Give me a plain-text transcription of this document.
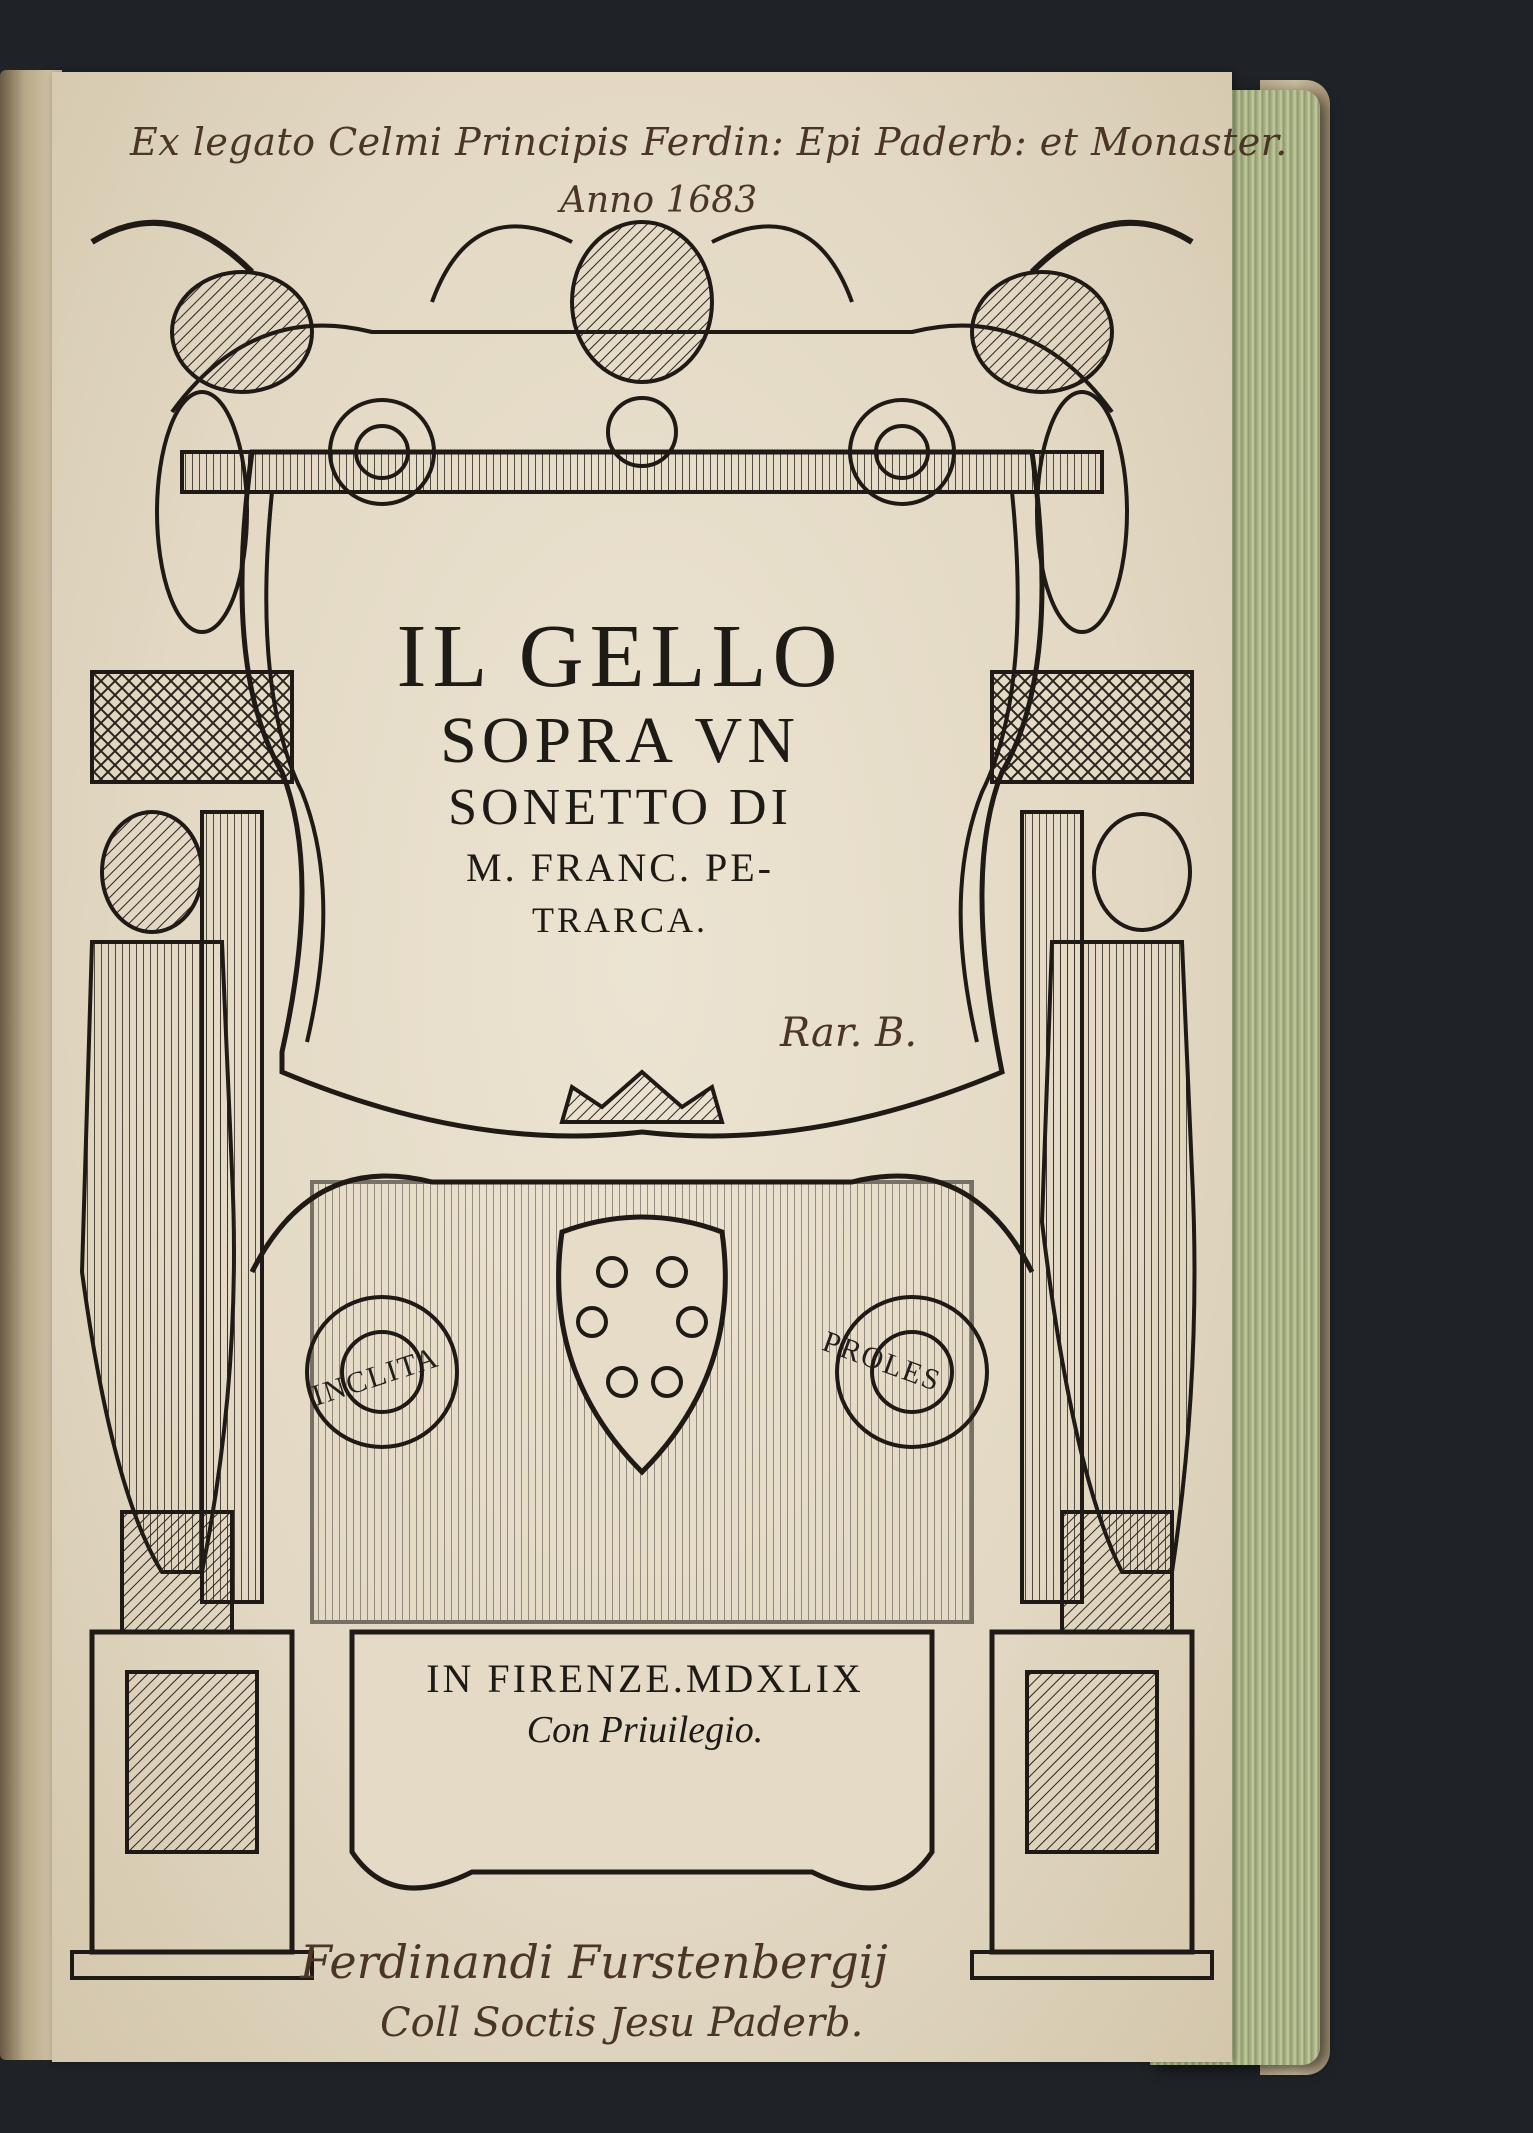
Ex legato Celmi Principis Ferdin: Epi Paderb: et Monaster.
Anno 1683
Rar. B.
IL GELLO
SOPRA VN
SONETTO DI
M. FRANC. PE-
TRARCA.
INCLITA	PROLES
IN FIRENZE.MDXLIX
Con Priuilegio.
Ferdinandi Furstenbergij
Coll Soctis Jesu Paderb.
